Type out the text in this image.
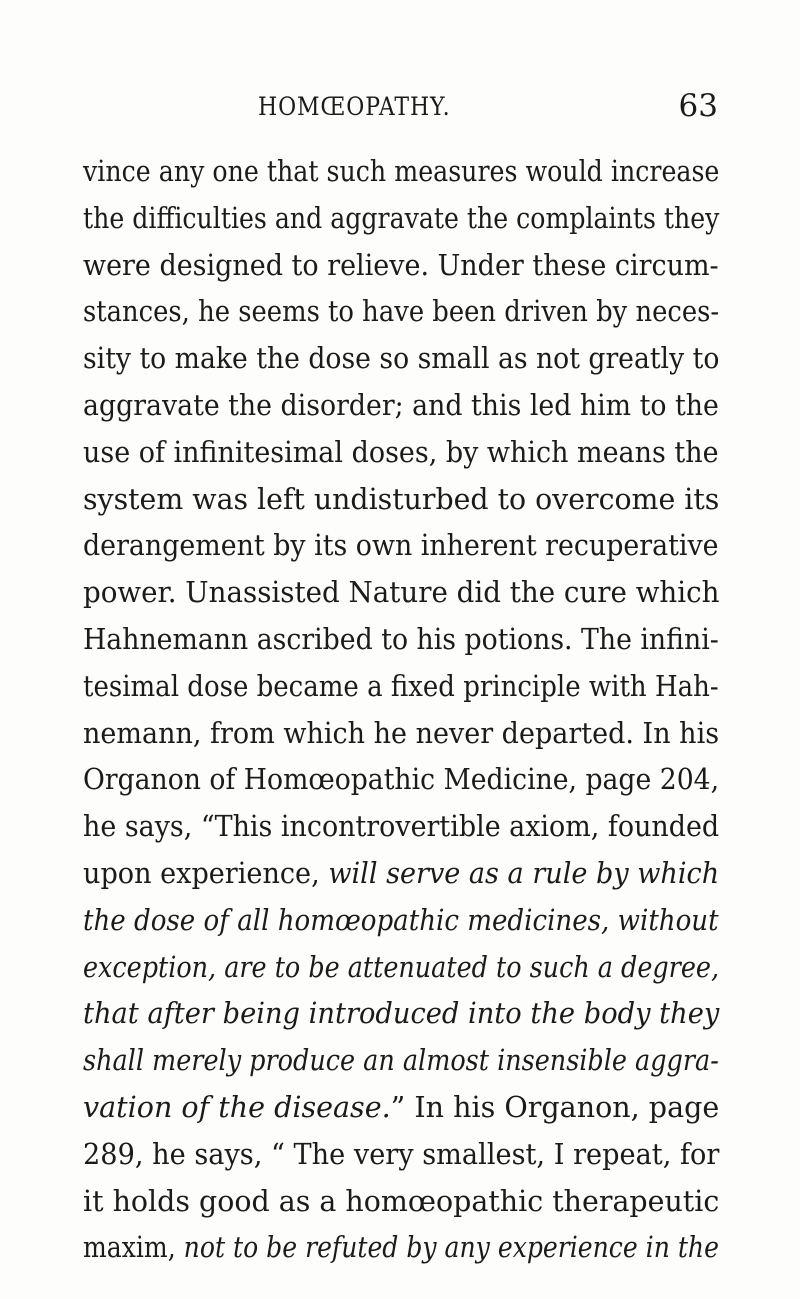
HOMŒOPATHY.	63
vince any one that such measures would increase
the difficulties and aggravate the complaints they
were designed to relieve. Under these circum-
stances, he seems to have been driven by neces-
sity to make the dose so small as not greatly to
aggravate the disorder; and this led him to the
use of infinitesimal doses, by which means the
system was left undisturbed to overcome its
derangement by its own inherent recuperative
power. Unassisted Nature did the cure which
Hahnemann ascribed to his potions. The infini-
tesimal dose became a fixed principle with Hah-
nemann, from which he never departed. In his
Organon of Homœopathic Medicine, page 204,
he says, “This incontrovertible axiom, founded
upon experience, will serve as a rule by which
the dose of all homœopathic medicines, without
exception, are to be attenuated to such a degree,
that after being introduced into the body they
shall merely produce an almost insensible aggra-
vation of the disease.” In his Organon, page
289, he says, “ The very smallest, I repeat, for
it holds good as a homœopathic therapeutic
maxim, not to be refuted by any experience in the
